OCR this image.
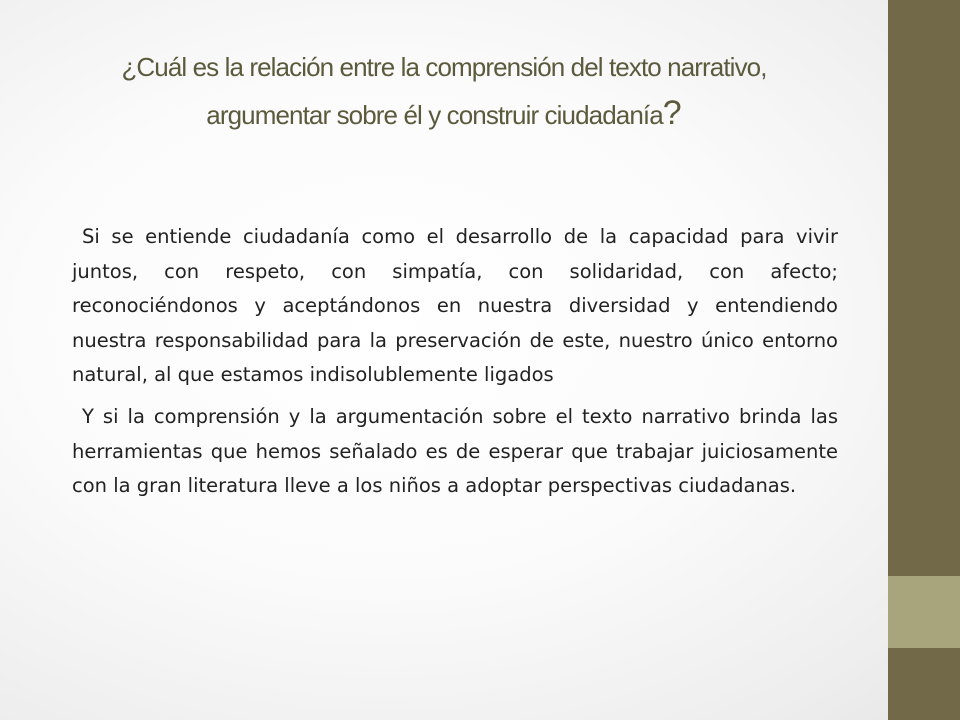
¿Cuál es la relación entre la comprensión del texto narrativo,
argumentar sobre él y construir ciudadanía?

Si se entiende ciudadanía como el desarrollo de la capacidad para vivir juntos, con respeto, con simpatía, con solidaridad, con afecto; reconociéndonos y aceptándonos en nuestra diversidad y entendiendo nuestra responsabilidad para la preservación de este, nuestro único entorno natural, al que estamos indisolublemente ligados

Y si la comprensión y la argumentación sobre el texto narrativo brinda las herramientas que hemos señalado es de esperar que trabajar juiciosamente con la gran literatura lleve a los niños a adoptar perspectivas ciudadanas.
